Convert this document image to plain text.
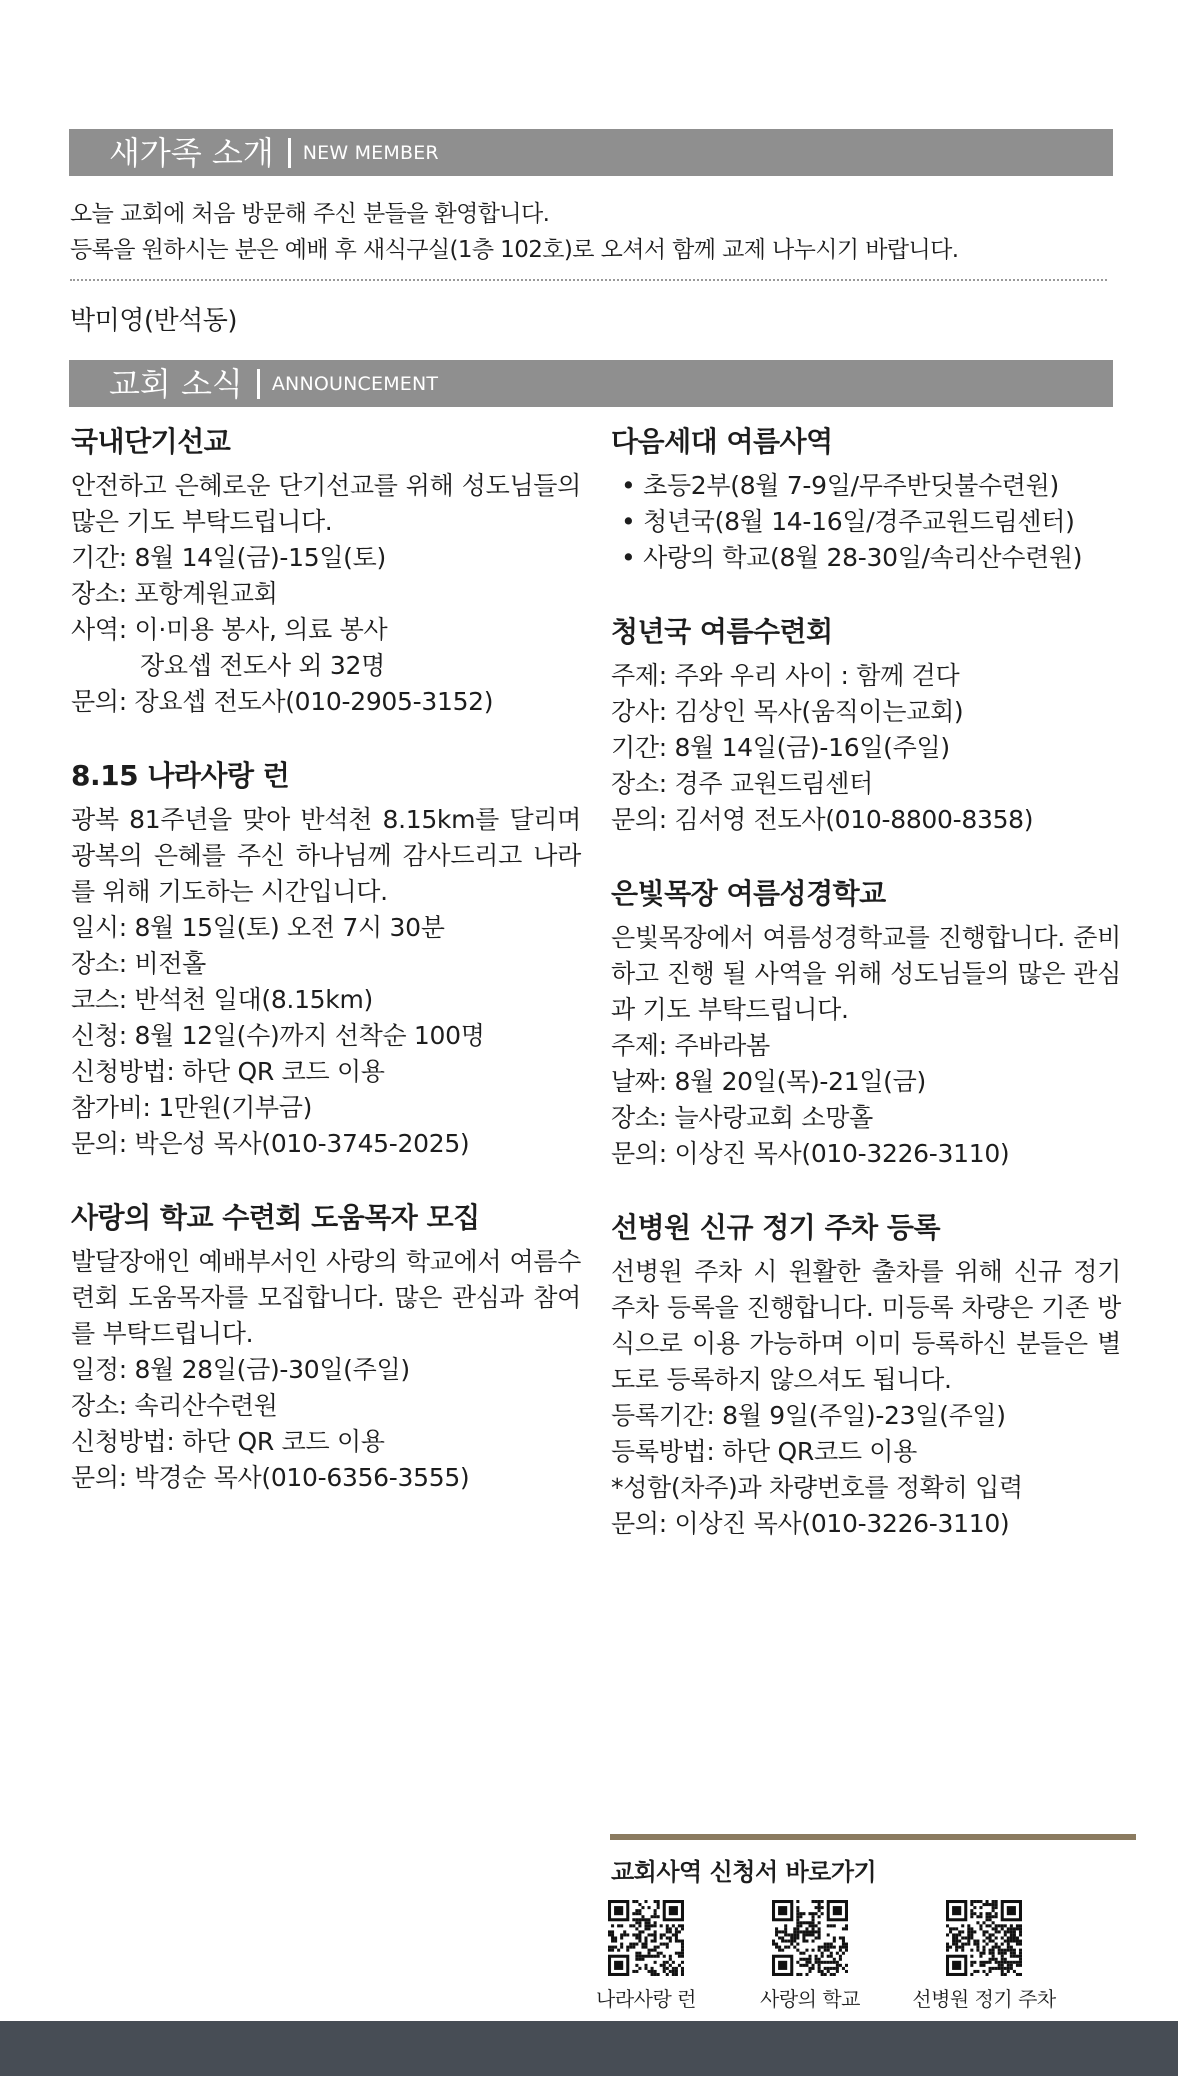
새가족 소개 NEW MEMBER
오늘 교회에 처음 방문해 주신 분들을 환영합니다.
등록을 원하시는 분은 예배 후 새식구실(1층 102호)로 오셔서 함께 교제 나누시기 바랍니다.
박미영(반석동)
교회 소식 ANNOUNCEMENT
국내단기선교

안전하고 은혜로운 단기선교를 위해 성도님들의 많은 기도 부탁드립니다.

기간: 8월 14일(금)-15일(토)

장소: 포항계원교회

사역: 이·미용 봉사, 의료 봉사

장요셉 전도사 외 32명

문의: 장요셉 전도사(010-2905-3152)

8.15 나라사랑 런

광복 81주년을 맞아 반석천 8.15km를 달리며 광복의 은혜를 주신 하나님께 감사드리고 나라를 위해 기도하는 시간입니다.

일시: 8월 15일(토) 오전 7시 30분

장소: 비전홀

코스: 반석천 일대(8.15km)

신청: 8월 12일(수)까지 선착순 100명

신청방법: 하단 QR 코드 이용

참가비: 1만원(기부금)

문의: 박은성 목사(010-3745-2025)

사랑의 학교 수련회 도움목자 모집

발달장애인 예배부서인 사랑의 학교에서 여름수련회 도움목자를 모집합니다. 많은 관심과 참여를 부탁드립니다.

일정: 8월 28일(금)-30일(주일)

장소: 속리산수련원

신청방법: 하단 QR 코드 이용

문의: 박경순 목사(010-6356-3555)

다음세대 여름사역

• 초등2부(8월 7-9일/무주반딧불수련원)

• 청년국(8월 14-16일/경주교원드림센터)

• 사랑의 학교(8월 28-30일/속리산수련원)

청년국 여름수련회

주제: 주와 우리 사이 : 함께 걷다

강사: 김상인 목사(움직이는교회)

기간: 8월 14일(금)-16일(주일)

장소: 경주 교원드림센터

문의: 김서영 전도사(010-8800-8358)

은빛목장 여름성경학교

은빛목장에서 여름성경학교를 진행합니다. 준비하고 진행 될 사역을 위해 성도님들의 많은 관심과 기도 부탁드립니다.

주제: 주바라봄

날짜: 8월 20일(목)-21일(금)

장소: 늘사랑교회 소망홀

문의: 이상진 목사(010-3226-3110)

선병원 신규 정기 주차 등록

선병원 주차 시 원활한 출차를 위해 신규 정기 주차 등록을 진행합니다. 미등록 차량은 기존 방식으로 이용 가능하며 이미 등록하신 분들은 별도로 등록하지 않으셔도 됩니다.

등록기간: 8월 9일(주일)-23일(주일)

등록방법: 하단 QR코드 이용

*성함(차주)과 차량번호를 정확히 입력

문의: 이상진 목사(010-3226-3110)

교회사역 신청서 바로가기
나라사랑 런	사랑의 학교	선병원 정기 주차
